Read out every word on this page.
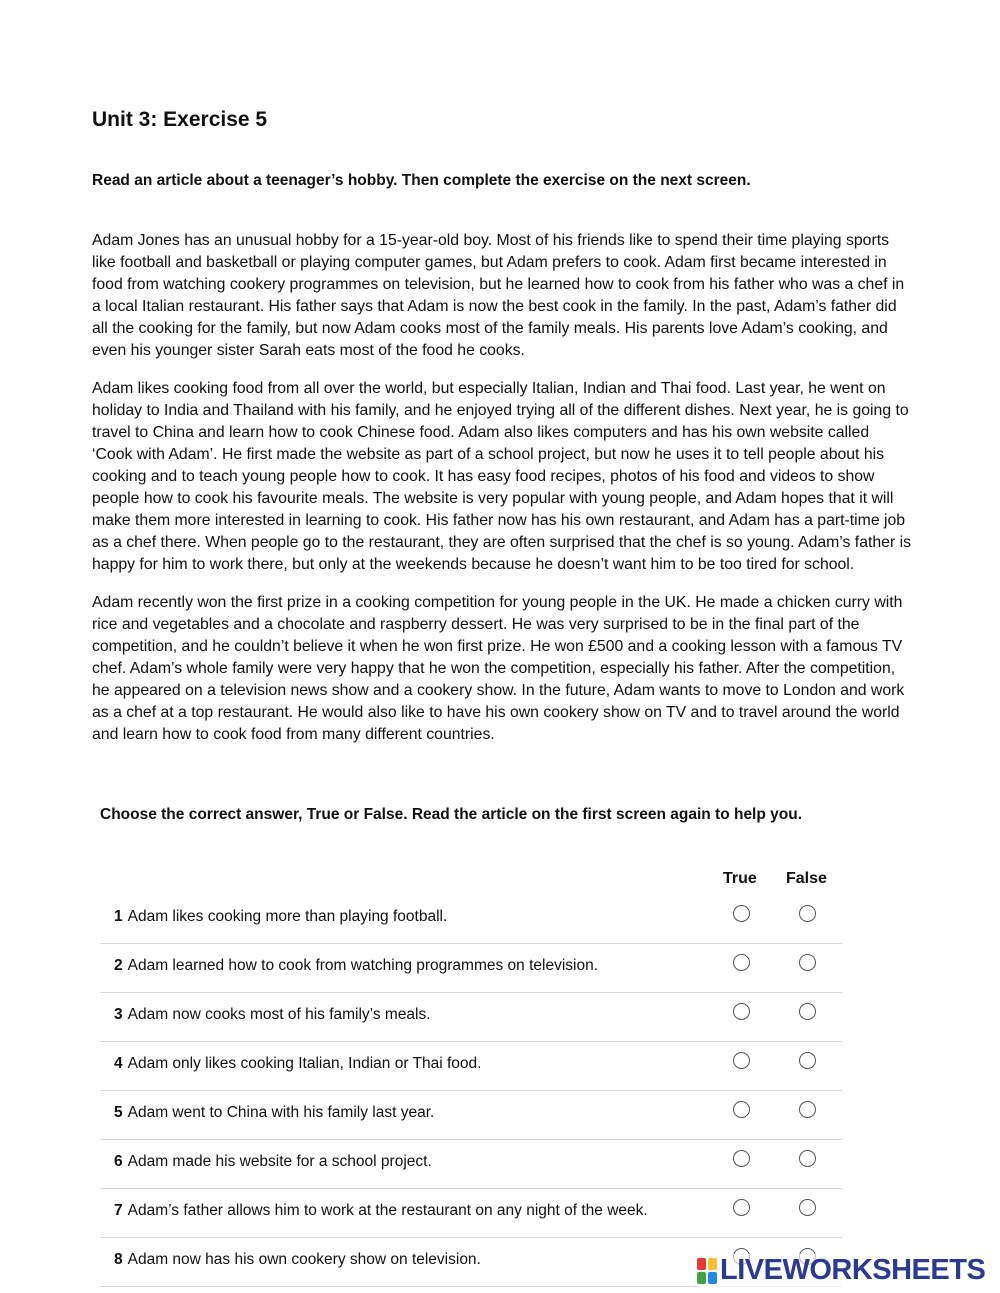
Unit 3: Exercise 5

Read an article about a teenager’s hobby. Then complete the exercise on the next screen.

Adam Jones has an unusual hobby for a 15-year-old boy. Most of his friends like to spend their time playing sports like football and basketball or playing computer games, but Adam prefers to cook. Adam first became interested in food from watching cookery programmes on television, but he learned how to cook from his father who was a chef in a local Italian restaurant. His father says that Adam is now the best cook in the family. In the past, Adam’s father did all the cooking for the family, but now Adam cooks most of the family meals. His parents love Adam’s cooking, and even his younger sister Sarah eats most of the food he cooks.

Adam likes cooking food from all over the world, but especially Italian, Indian and Thai food. Last year, he went on holiday to India and Thailand with his family, and he enjoyed trying all of the different dishes. Next year, he is going to travel to China and learn how to cook Chinese food. Adam also likes computers and has his own website called ‘Cook with Adam’. He first made the website as part of a school project, but now he uses it to tell people about his cooking and to teach young people how to cook. It has easy food recipes, photos of his food and videos to show people how to cook his favourite meals. The website is very popular with young people, and Adam hopes that it will make them more interested in learning to cook. His father now has his own restaurant, and Adam has a part-time job as a chef there. When people go to the restaurant, they are often surprised that the chef is so young. Adam’s father is happy for him to work there, but only at the weekends because he doesn’t want him to be too tired for school.

Adam recently won the first prize in a cooking competition for young people in the UK. He made a chicken curry with rice and vegetables and a chocolate and raspberry dessert. He was very surprised to be in the final part of the competition, and he couldn’t believe it when he won first prize. He won £500 and a cooking lesson with a famous TV chef. Adam’s whole family were very happy that he won the competition, especially his father. After the competition, he appeared on a television news show and a cookery show. In the future, Adam wants to move to London and work as a chef at a top restaurant. He would also like to have his own cookery show on TV and to travel around the world and learn how to cook food from many different countries.

Choose the correct answer, True or False. Read the article on the first screen again to help you.

True False
1 Adam likes cooking more than playing football.
2 Adam learned how to cook from watching programmes on television.
3 Adam now cooks most of his family’s meals.
4 Adam only likes cooking Italian, Indian or Thai food.
5 Adam went to China with his family last year.
6 Adam made his website for a school project.
7 Adam’s father allows him to work at the restaurant on any night of the week.
8 Adam now has his own cookery show on television.	LIVEWORKSHEETS
